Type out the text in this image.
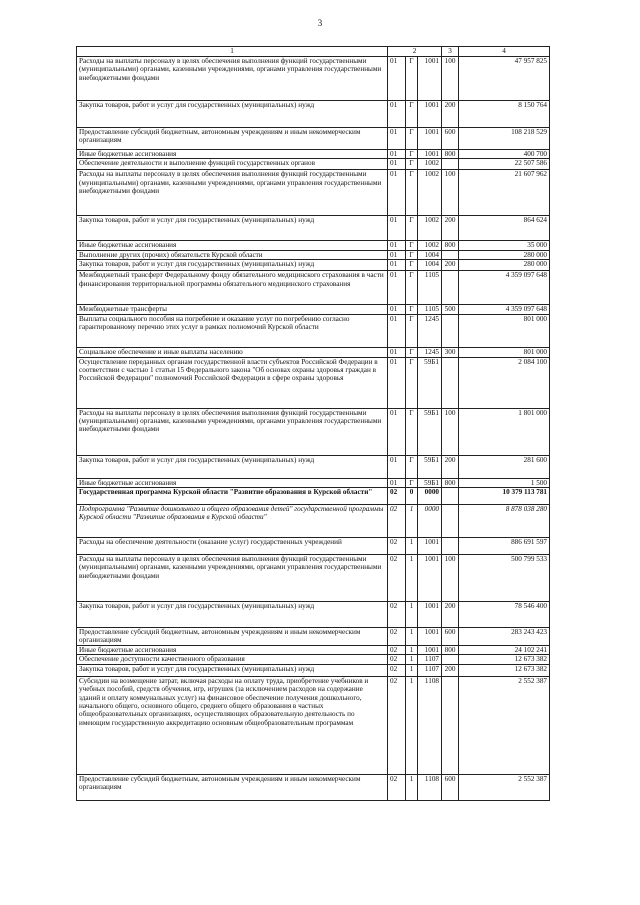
3
1	2			3	4
Расходы на выплаты персоналу в целях обеспечения выполнения функций государственными (муниципальными) органами, казенными учреждениями, органами управления государственными внебюджетными фондами	01	Г	1001	100	47 957 825
Закупка товаров, работ и услуг для государственных (муниципальных) нужд	01	Г	1001	200	8 150 764
Предоставление субсидий бюджетным, автономным учреждениям и иным некоммерческим организациям	01	Г	1001	600	108 218 529
Иные бюджетные ассигнования	01	Г	1001	800	400 700
Обеспечение деятельности и выполнение функций государственных органов	01	Г	1002		22 507 586
Расходы на выплаты персоналу в целях обеспечения выполнения функций государственными (муниципальными) органами, казенными учреждениями, органами управления государственными внебюджетными фондами	01	Г	1002	100	21 607 962
Закупка товаров, работ и услуг для государственных (муниципальных) нужд	01	Г	1002	200	864 624
Иные бюджетные ассигнования	01	Г	1002	800	35 000
Выполнение других (прочих) обязательств Курской области	01	Г	1004		280 000
Закупка товаров, работ и услуг для государственных (муниципальных) нужд	01	Г	1004	200	280 000
Межбюджетный трансферт Федеральному фонду обязательного медицинского страхования в части финансирования территориальной программы обязательного медицинского страхования	01	Г	1105		4 359 097 648
Межбюджетные трансферты	01	Г	1105	500	4 359 097 648
Выплаты социального пособия на погребение и оказание услуг по погребению согласно гарантированному перечню этих услуг в рамках полномочий Курской области	01	Г	1245		801 000
Социальное обеспечение и иные выплаты населению	01	Г	1245	300	801 000
Осуществление переданных органам государственной власти субъектов Российской Федерации в соответствии с частью 1 статьи 15 Федерального закона "Об основах охраны здоровья граждан в Российской Федерации" полномочий Российской Федерации в сфере охраны здоровья	01	Г	59Б1		2 084 100
Расходы на выплаты персоналу в целях обеспечения выполнения функций государственными (муниципальными) органами, казенными учреждениями, органами управления государственными внебюджетными фондами	01	Г	59Б1	100	1 801 000
Закупка товаров, работ и услуг для государственных (муниципальных) нужд	01	Г	59Б1	200	281 600
Иные бюджетные ассигнования	01	Г	59Б1	800	1 500
Государственная программа Курской области "Развитие образования в Курской области"	02	0	0000		10 379 113 781
Подпрограмма "Развитие дошкольного и общего образования детей" государственной программы Курской области "Развитие образования в Курской области"	02	1	0000		8 878 038 280
Расходы на обеспечение деятельности (оказание услуг) государственных учреждений	02	1	1001		886 691 597
Расходы на выплаты персоналу в целях обеспечения выполнения функций государственными (муниципальными) органами, казенными учреждениями, органами управления государственными внебюджетными фондами	02	1	1001	100	500 799 533
Закупка товаров, работ и услуг для государственных (муниципальных) нужд	02	1	1001	200	78 546 400
Предоставление субсидий бюджетным, автономным учреждениям и иным некоммерческим организациям	02	1	1001	600	283 243 423
Иные бюджетные ассигнования	02	1	1001	800	24 102 241
Обеспечение доступности качественного образования	02	1	1107		12 673 382
Закупка товаров, работ и услуг для государственных (муниципальных) нужд	02	1	1107	200	12 673 382
Субсидии на возмещение затрат, включая расходы на оплату труда, приобретение учебников и учебных пособий, средств обучения, игр, игрушек (за исключением расходов на содержание зданий и оплату коммунальных услуг) на финансовое обеспечение получения дошкольного, начального общего, основного общего, среднего общего образования в частных общеобразовательных организациях, осуществляющих образовательную деятельность по имеющим государственную аккредитацию основным общеобразовательным программам	02	1	1108		2 552 387
Предоставление субсидий бюджетным, автономным учреждениям и иным некоммерческим организациям	02	1	1108	600	2 552 387
